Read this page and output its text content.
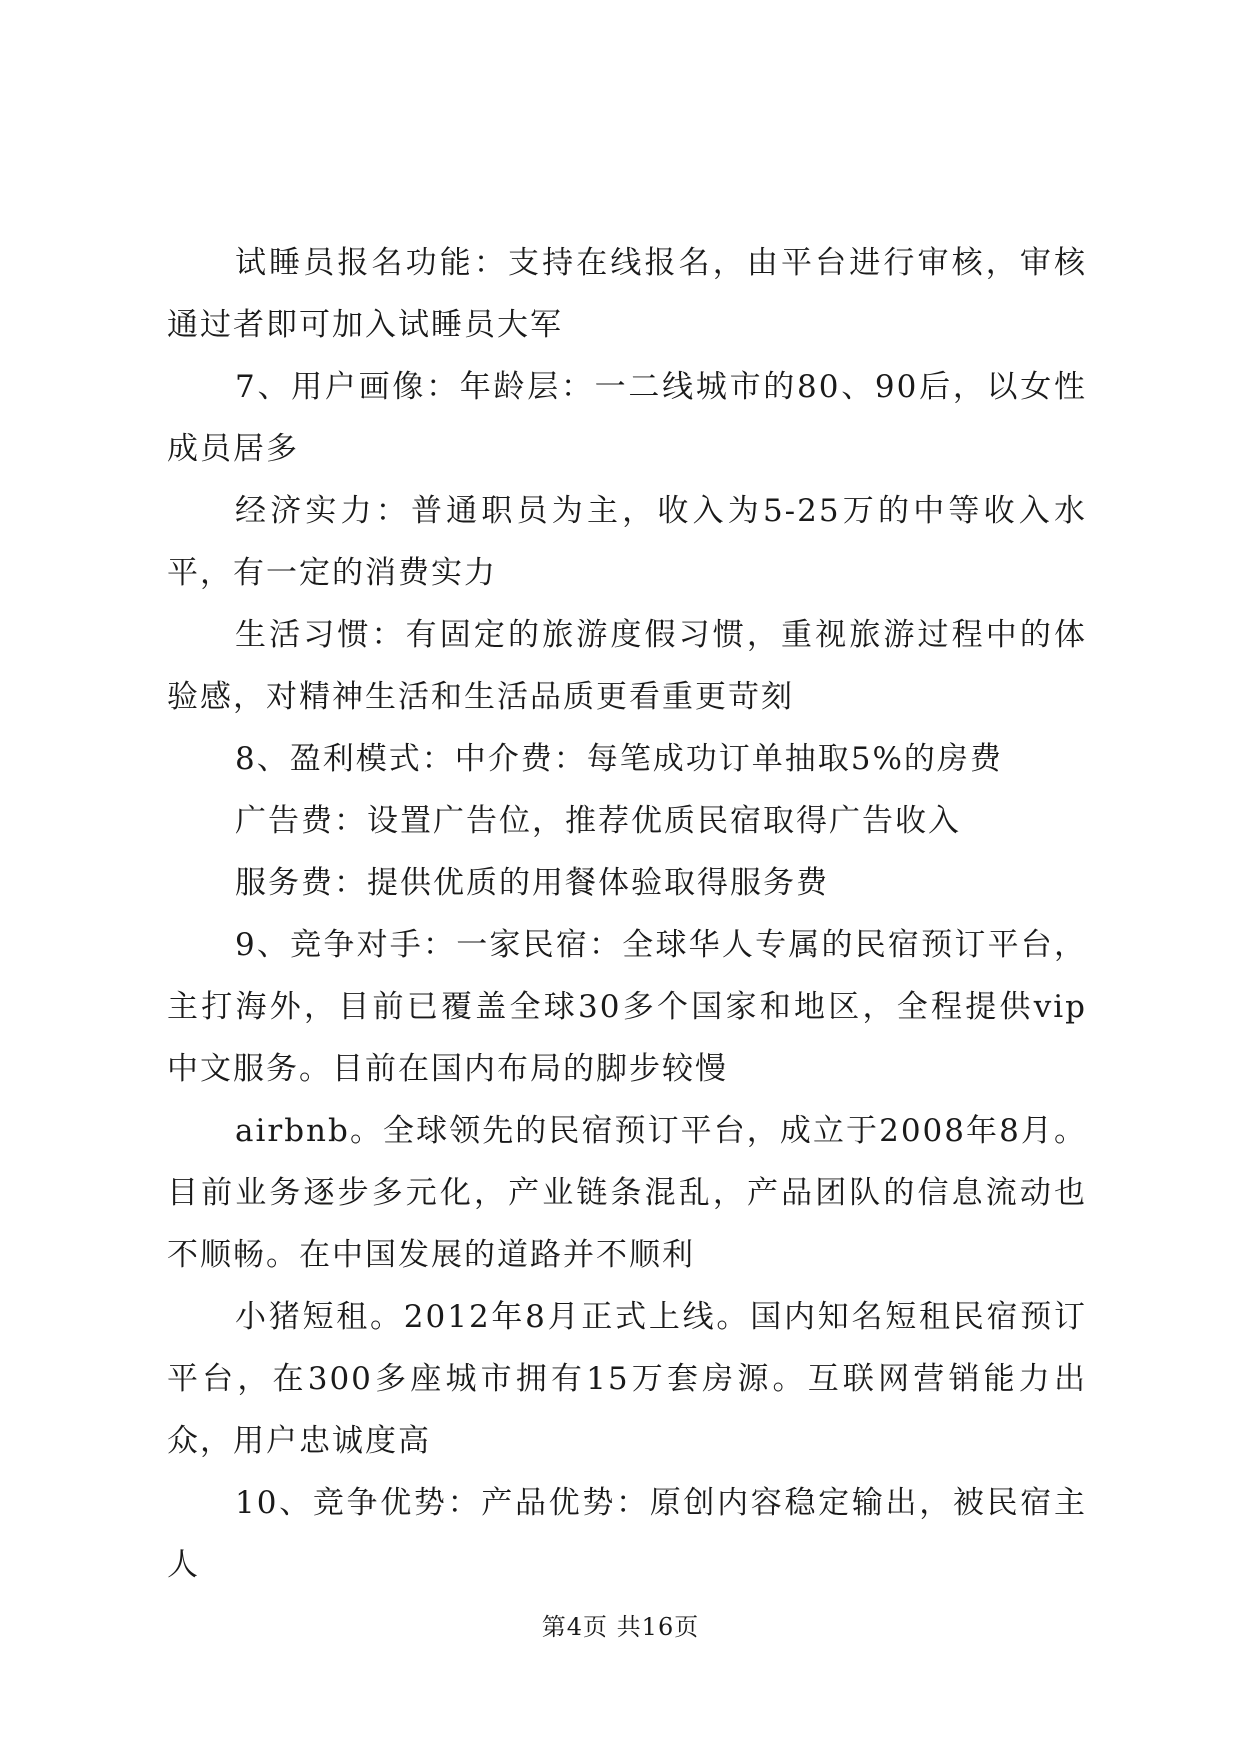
试睡员报名功能：支持在线报名，由平台进行审核，审核通过者即可加入试睡员大军

7、用户画像：年龄层：一二线城市的80、90后，以女性成员居多

经济实力：普通职员为主，收入为5-25万的中等收入水平，有一定的消费实力

生活习惯：有固定的旅游度假习惯，重视旅游过程中的体验感，对精神生活和生活品质更看重更苛刻

8、盈利模式：中介费：每笔成功订单抽取5%的房费

广告费：设置广告位，推荐优质民宿取得广告收入

服务费：提供优质的用餐体验取得服务费

9、竞争对手：一家民宿：全球华人专属的民宿预订平台，主打海外，目前已覆盖全球30多个国家和地区，全程提供vip中文服务。目前在国内布局的脚步较慢

airbnb。全球领先的民宿预订平台，成立于2008年8月。目前业务逐步多元化，产业链条混乱，产品团队的信息流动也不顺畅。在中国发展的道路并不顺利

小猪短租。2012年8月正式上线。国内知名短租民宿预订平台，在300多座城市拥有15万套房源。互联网营销能力出众，用户忠诚度高

10、竞争优势：产品优势：原创内容稳定输出，被民宿主人

第4页 共16页
